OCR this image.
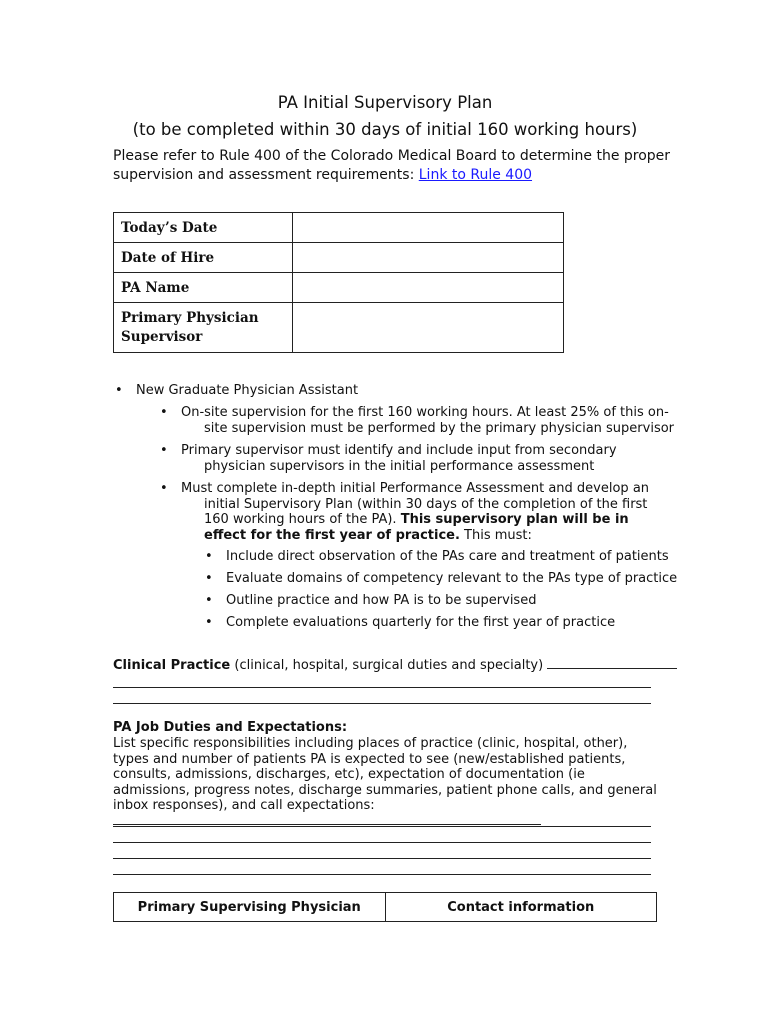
PA Initial Supervisory Plan
(to be completed within 30 days of initial 160 working hours)
Please refer to Rule 400 of the Colorado Medical Board to determine the proper supervision and assessment requirements: Link to Rule 400
Today’s Date	
Date of Hire	
PA Name	
Primary Physician Supervisor	
• New Graduate Physician Assistant
• On-site supervision for the first 160 working hours. At least 25% of this on-site supervision must be performed by the primary physician supervisor
• Primary supervisor must identify and include input from secondary physician supervisors in the initial performance assessment
• Must complete in-depth initial Performance Assessment and develop an initial Supervisory Plan (within 30 days of the completion of the first 160 working hours of the PA). This supervisory plan will be in effect for the first year of practice. This must:
• Include direct observation of the PAs care and treatment of patients
• Evaluate domains of competency relevant to the PAs type of practice
• Outline practice and how PA is to be supervised
• Complete evaluations quarterly for the first year of practice
Clinical Practice (clinical, hospital, surgical duties and specialty)
PA Job Duties and Expectations:
List specific responsibilities including places of practice (clinic, hospital, other), types and number of patients PA is expected to see (new/established patients, consults, admissions, discharges, etc), expectation of documentation (ie admissions, progress notes, discharge summaries, patient phone calls, and general inbox responses), and call expectations:
Primary Supervising Physician	Contact information
